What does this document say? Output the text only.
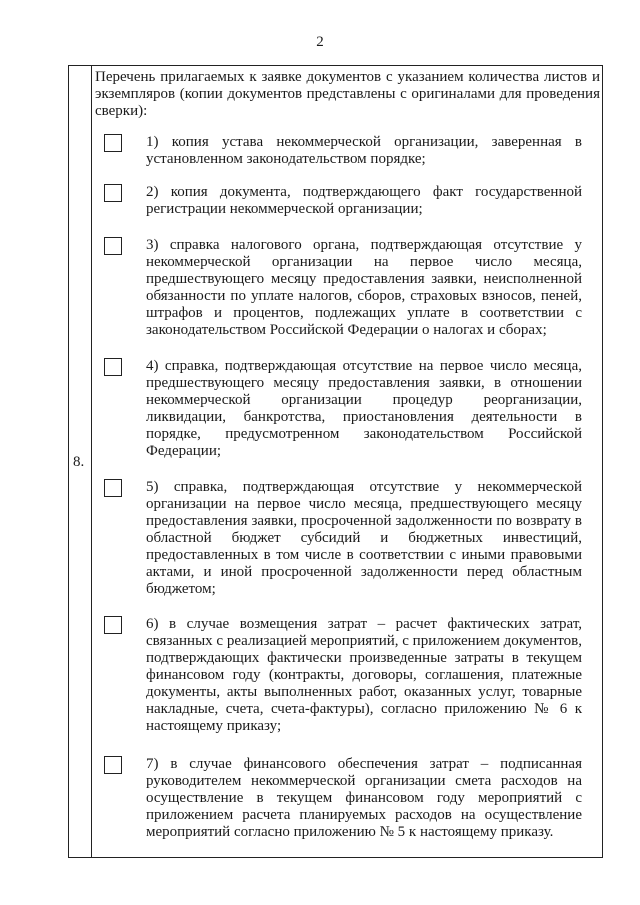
2
8.
Перечень прилагаемых к заявке документов с указанием количества листов и экземпляров (копии документов представлены с оригиналами для проведения сверки):
1) копия устава некоммерческой организации, заверенная в установленном законодательством порядке;
2) копия документа, подтверждающего факт государственной регистрации некоммерческой организации;
3) справка налогового органа, подтверждающая отсутствие у некоммерческой организации на первое число месяца, предшествующего месяцу предоставления заявки, неисполненной обязанности по уплате налогов, сборов, страховых взносов, пеней, штрафов и процентов, подлежащих уплате в соответствии с законодательством Российской Федерации о налогах и сборах;
4) справка, подтверждающая отсутствие на первое число месяца, предшествующего месяцу предоставления заявки, в отношении некоммерческой организации процедур реорганизации, ликвидации, банкротства, приостановления деятельности в порядке, предусмотренном законодательством Российской Федерации;
5) справка, подтверждающая отсутствие у некоммерческой организации на первое число месяца, предшествующего месяцу предоставления заявки, просроченной задолженности по возврату в областной бюджет субсидий и бюджетных инвестиций, предоставленных в том числе в соответствии с иными правовыми актами, и иной просроченной задолженности перед областным бюджетом;
6) в случае возмещения затрат – расчет фактических затрат, связанных с реализацией мероприятий, с приложением документов, подтверждающих фактически произведенные затраты в текущем финансовом году (контракты, договоры, соглашения, платежные документы, акты выполненных работ, оказанных услуг, товарные накладные, счета, счета-фактуры), согласно приложению № 6 к настоящему приказу;
7) в случае финансового обеспечения затрат – подписанная руководителем некоммерческой организации смета расходов на осуществление в текущем финансовом году мероприятий с приложением расчета планируемых расходов на осуществление мероприятий согласно приложению № 5 к настоящему приказу.
